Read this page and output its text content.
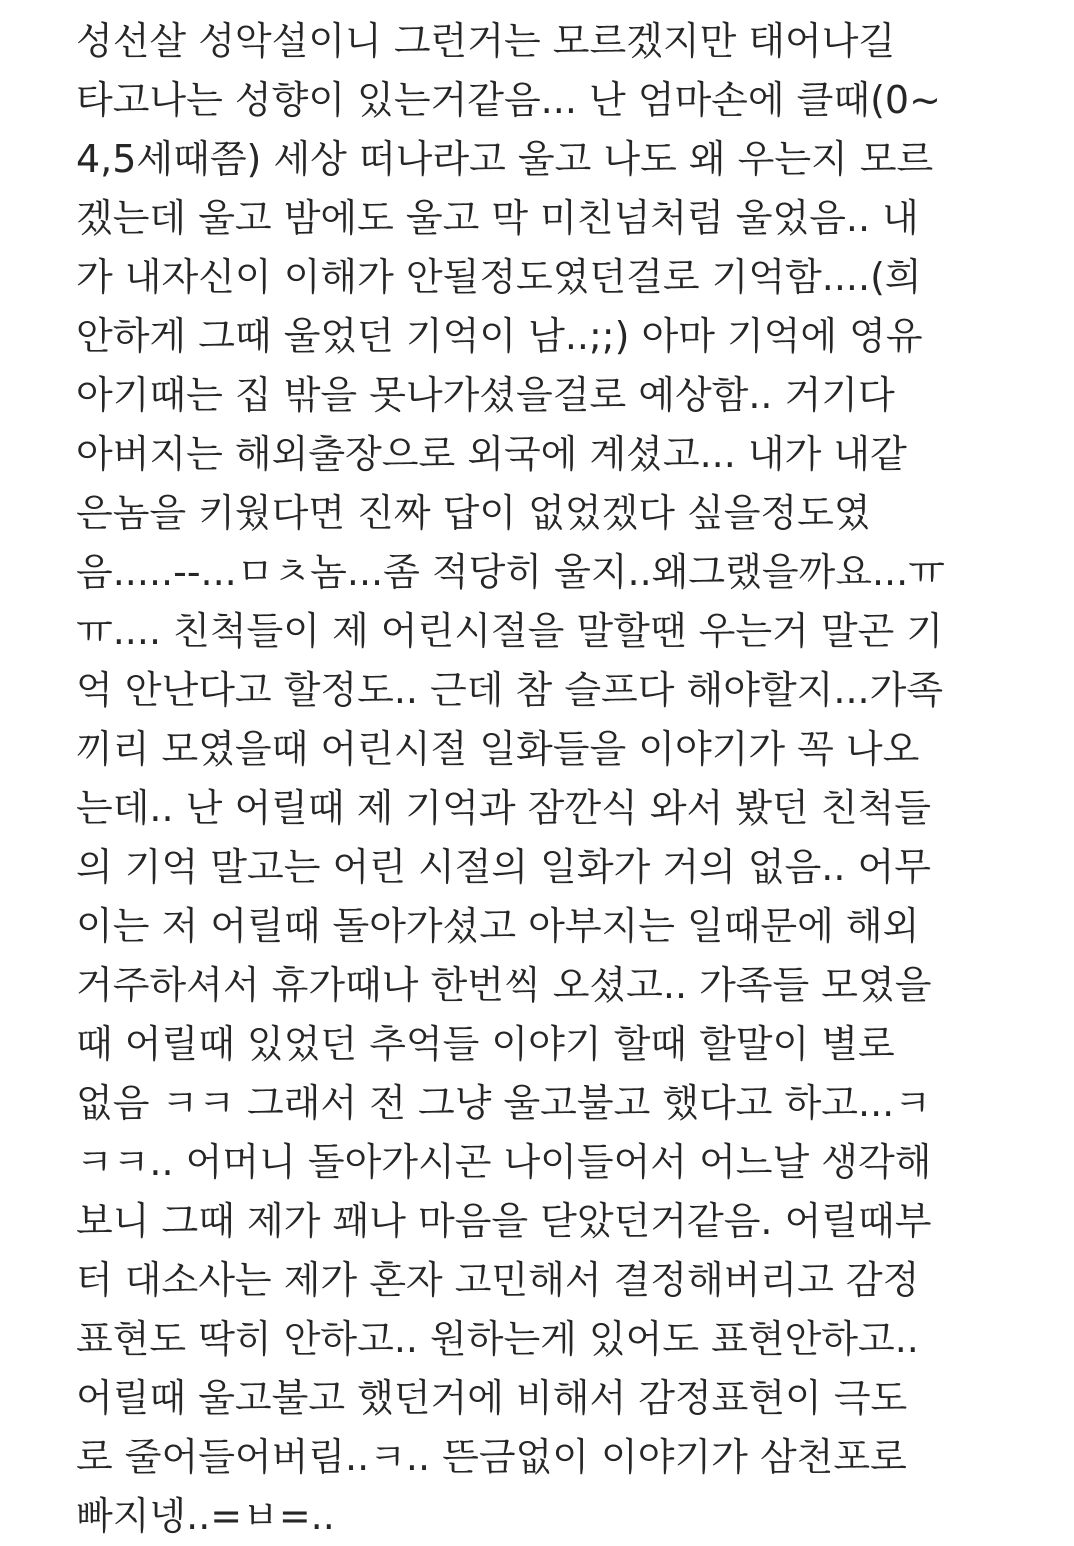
성선살 성악설이니 그런거는 모르겠지만 태어나길
타고나는 성향이 있는거같음... 난 엄마손에 클때(0~
4,5세때쯤) 세상 떠나라고 울고 나도 왜 우는지 모르
겠는데 울고 밤에도 울고 막 미친넘처럼 울었음.. 내
가 내자신이 이해가 안될정도였던걸로 기억함....(희
안하게 그때 울었던 기억이 남..;;) 아마 기억에 영유
아기때는 집 밖을 못나가셨을걸로 예상함.. 거기다
아버지는 해외출장으로 외국에 계셨고... 내가 내같
은놈을 키웠다면 진짜 답이 없었겠다 싶을정도였
음.....--...ㅁㅊ놈...좀 적당히 울지..왜그랬을까요...ㅠ
ㅠ.... 친척들이 제 어린시절을 말할땐 우는거 말곤 기
억 안난다고 할정도.. 근데 참 슬프다 해야할지...가족
끼리 모였을때 어린시절 일화들을 이야기가 꼭 나오
는데.. 난 어릴때 제 기억과 잠깐식 와서 봤던 친척들
의 기억 말고는 어린 시절의 일화가 거의 없음.. 어무
이는 저 어릴때 돌아가셨고 아부지는 일때문에 해외
거주하셔서 휴가때나 한번씩 오셨고.. 가족들 모였을
때 어릴때 있었던 추억들 이야기 할때 할말이 별로
없음 ㅋㅋ 그래서 전 그냥 울고불고 했다고 하고...ㅋ
ㅋㅋ.. 어머니 돌아가시곤 나이들어서 어느날 생각해
보니 그때 제가 꽤나 마음을 닫았던거같음. 어릴때부
터 대소사는 제가 혼자 고민해서 결정해버리고 감정
표현도 딱히 안하고.. 원하는게 있어도 표현안하고..
어릴때 울고불고 했던거에 비해서 감정표현이 극도
로 줄어들어버림..ㅋ.. 뜬금없이 이야기가 삼천포로
빠지넹..=ㅂ=..
